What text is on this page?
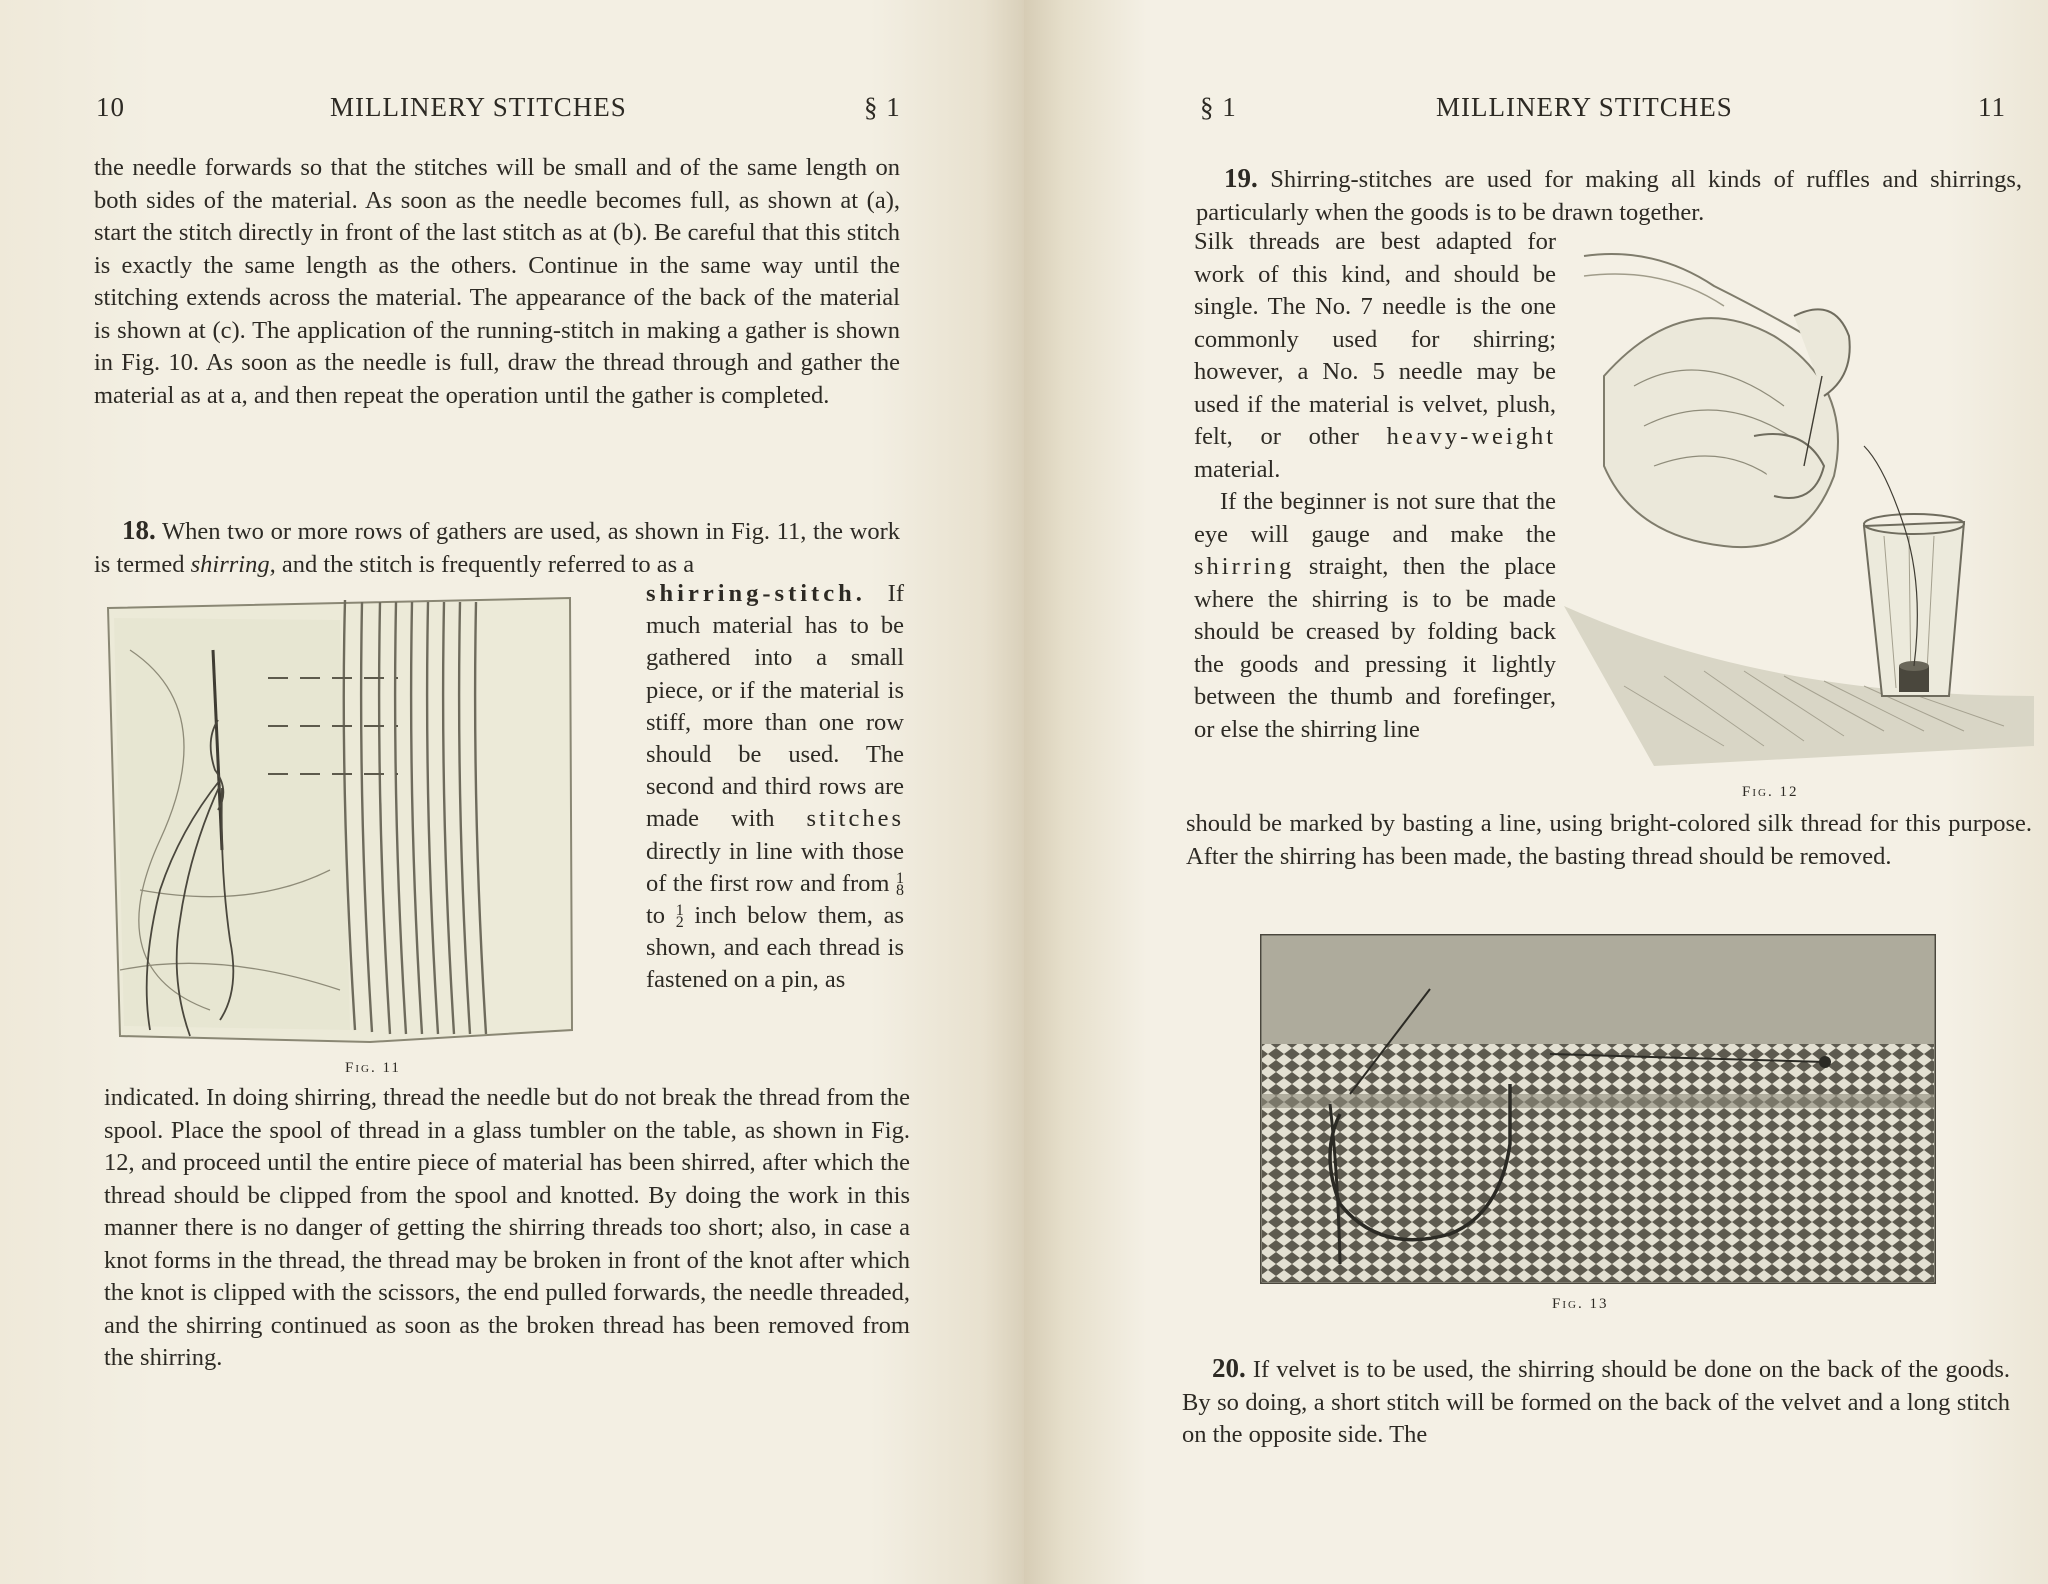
10	MILLINERY STITCHES	§ 1

the needle forwards so that the stitches will be small and of the same length on both sides of the material. As soon as the needle becomes full, as shown at (a), start the stitch directly in front of the last stitch as at (b). Be careful that this stitch is exactly the same length as the others. Continue in the same way until the stitching extends across the material. The appearance of the back of the material is shown at (c). The application of the running-stitch in making a gather is shown in Fig. 10. As soon as the needle is full, draw the thread through and gather the material as at a, and then repeat the operation until the gather is completed.

18. When two or more rows of gathers are used, as shown in Fig. 11, the work is termed shirring, and the stitch is frequently referred to as a

Fig. 11

shirring-stitch. If much material has to be gathered into a small piece, or if the material is stiff, more than one row should be used. The second and third rows are made with stitches directly in line with those of the first row and from 1
8 to 1
2 inch below them, as shown, and each thread is fastened on a pin, as

indicated. In doing shirring, thread the needle but do not break the thread from the spool. Place the spool of thread in a glass tumbler on the table, as shown in Fig. 12, and proceed until the entire piece of material has been shirred, after which the thread should be clipped from the spool and knotted. By doing the work in this manner there is no danger of getting the shirring threads too short; also, in case a knot forms in the thread, the thread may be broken in front of the knot after which the knot is clipped with the scissors, the end pulled forwards, the needle threaded, and the shirring continued as soon as the broken thread has been removed from the shirring.

§ 1	MILLINERY STITCHES	11

19. Shirring-stitches are used for making all kinds of ruffles and shirrings, particularly when the goods is to be drawn together.

Silk threads are best adapted for work of this kind, and should be single. The No. 7 needle is the one commonly used for shirring; however, a No. 5 needle may be used if the material is velvet, plush, felt, or other heavy-weight material.

If the beginner is not sure that the eye will gauge and make the shirring straight, then the place where the shirring is to be made should be creased by folding back the goods and pressing it lightly between the thumb and forefinger, or else the shirring line

Fig. 12

should be marked by basting a line, using bright-colored silk thread for this purpose. After the shirring has been made, the basting thread should be removed.

Fig. 13

20. If velvet is to be used, the shirring should be done on the back of the goods. By so doing, a short stitch will be formed on the back of the velvet and a long stitch on the opposite side. The
